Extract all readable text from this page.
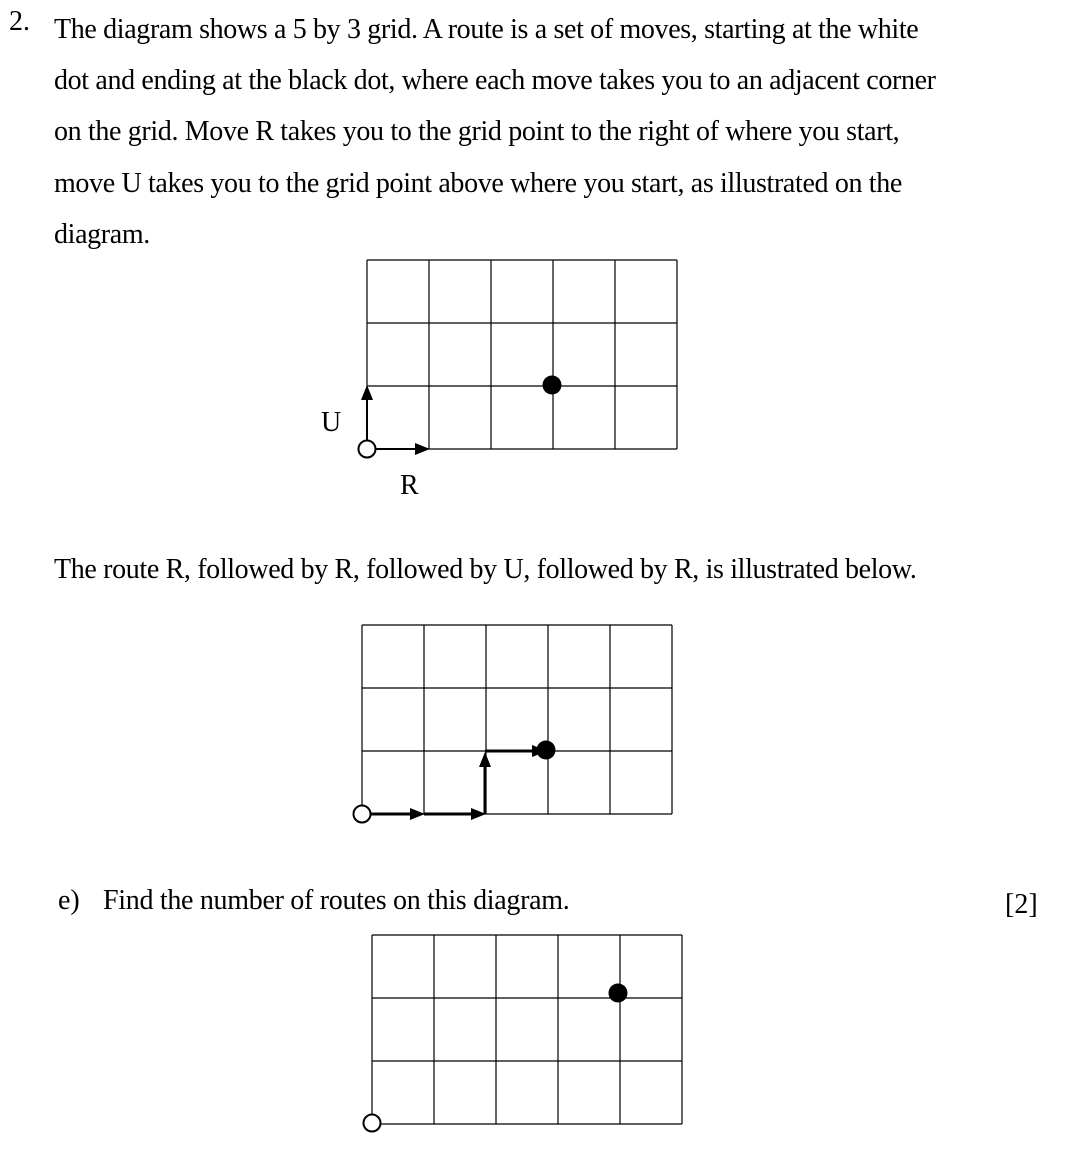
2. The diagram shows a 5 by 3 grid. A route is a set of moves, starting at the white
dot and ending at the black dot, where each move takes you to an adjacent corner
on the grid. Move R takes you to the grid point to the right of where you start,
move U takes you to the grid point above where you start, as illustrated on the
diagram.
U
R
The route R, followed by R, followed by U, followed by R, is illustrated below.
e) Find the number of routes on this diagram.	[2]
